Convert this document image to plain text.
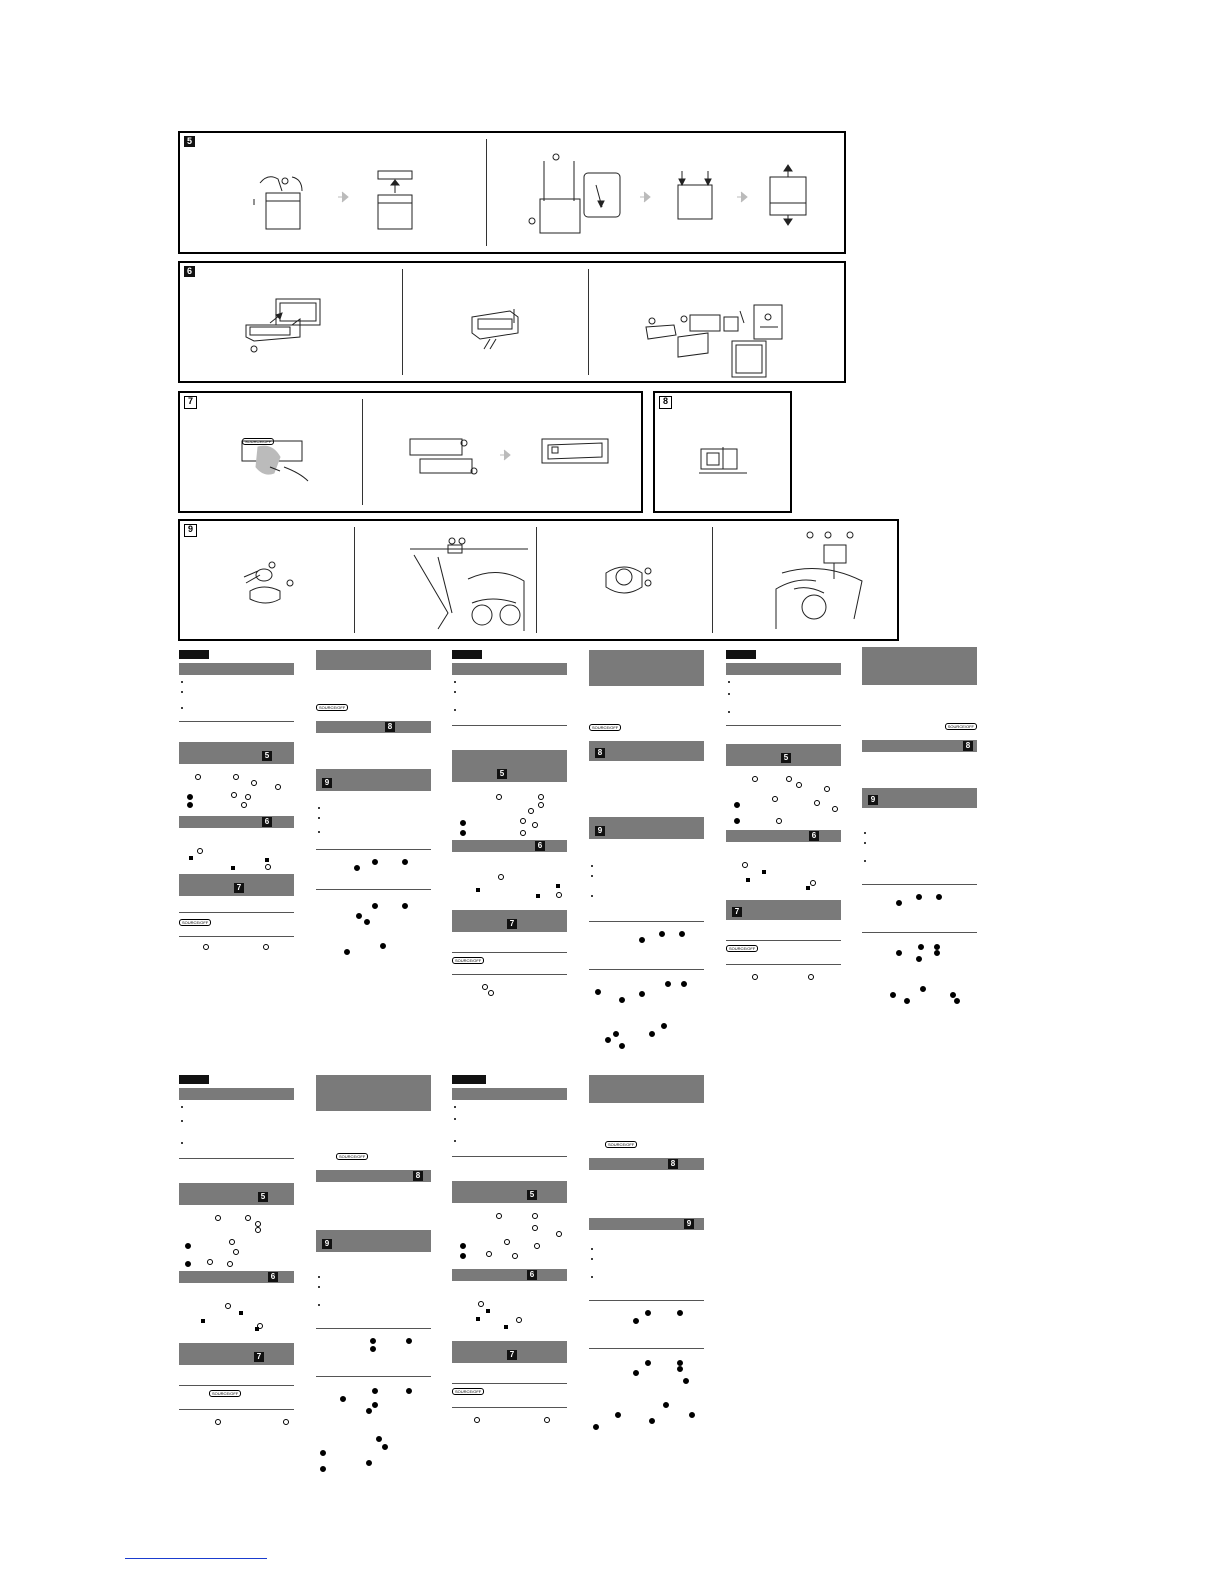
5
6
7
SOURCE/OFF
8
9
5
6
7
SOURCE/OFF
SOURCE/OFF
8
9
5
6
7
SOURCE/OFF
SOURCE/OFF
8
9
5
6
7
SOURCE/OFF
SOURCE/OFF
8
9
5
6
7
SOURCE/OFF
SOURCE/OFF
8
9
5
6
7
SOURCE/OFF
SOURCE/OFF
8
9
